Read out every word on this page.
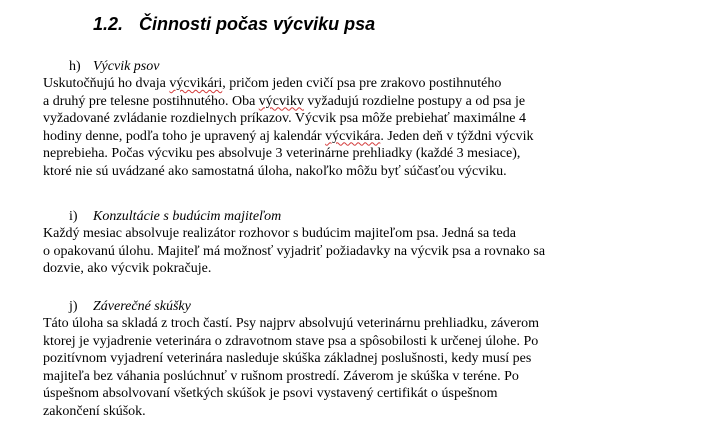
1.2. Činnosti počas výcviku psa
h) Výcvik psov
Uskutočňujú ho dvaja výcvikári, pričom jeden cvičí psa pre zrakovo postihnutého
a druhý pre telesne postihnutého. Oba výcvikv vyžadujú rozdielne postupy a od psa je
vyžadované zvládanie rozdielnych príkazov. Výcvik psa môže prebiehať maximálne 4
hodiny denne, podľa toho je upravený aj kalendár výcvikára. Jeden deň v týždni výcvik
neprebieha. Počas výcviku pes absolvuje 3 veterinárne prehliadky (každé 3 mesiace),
ktoré nie sú uvádzané ako samostatná úloha, nakoľko môžu byť súčasťou výcviku.
i) Konzultácie s budúcim majiteľom
Každý mesiac absolvuje realizátor rozhovor s budúcim majiteľom psa. Jedná sa teda
o opakovanú úlohu. Majiteľ má možnosť vyjadriť požiadavky na výcvik psa a rovnako sa
dozvie, ako výcvik pokračuje.
j) Záverečné skúšky
Táto úloha sa skladá z troch častí. Psy najprv absolvujú veterinárnu prehliadku, záverom
ktorej je vyjadrenie veterinára o zdravotnom stave psa a spôsobilosti k určenej úlohe. Po
pozitívnom vyjadrení veterinára nasleduje skúška základnej poslušnosti, kedy musí pes
majiteľa bez váhania poslúchnuť v rušnom prostredí. Záverom je skúška v teréne. Po
úspešnom absolvovaní všetkých skúšok je psovi vystavený certifikát o úspešnom
zakončení skúšok.
